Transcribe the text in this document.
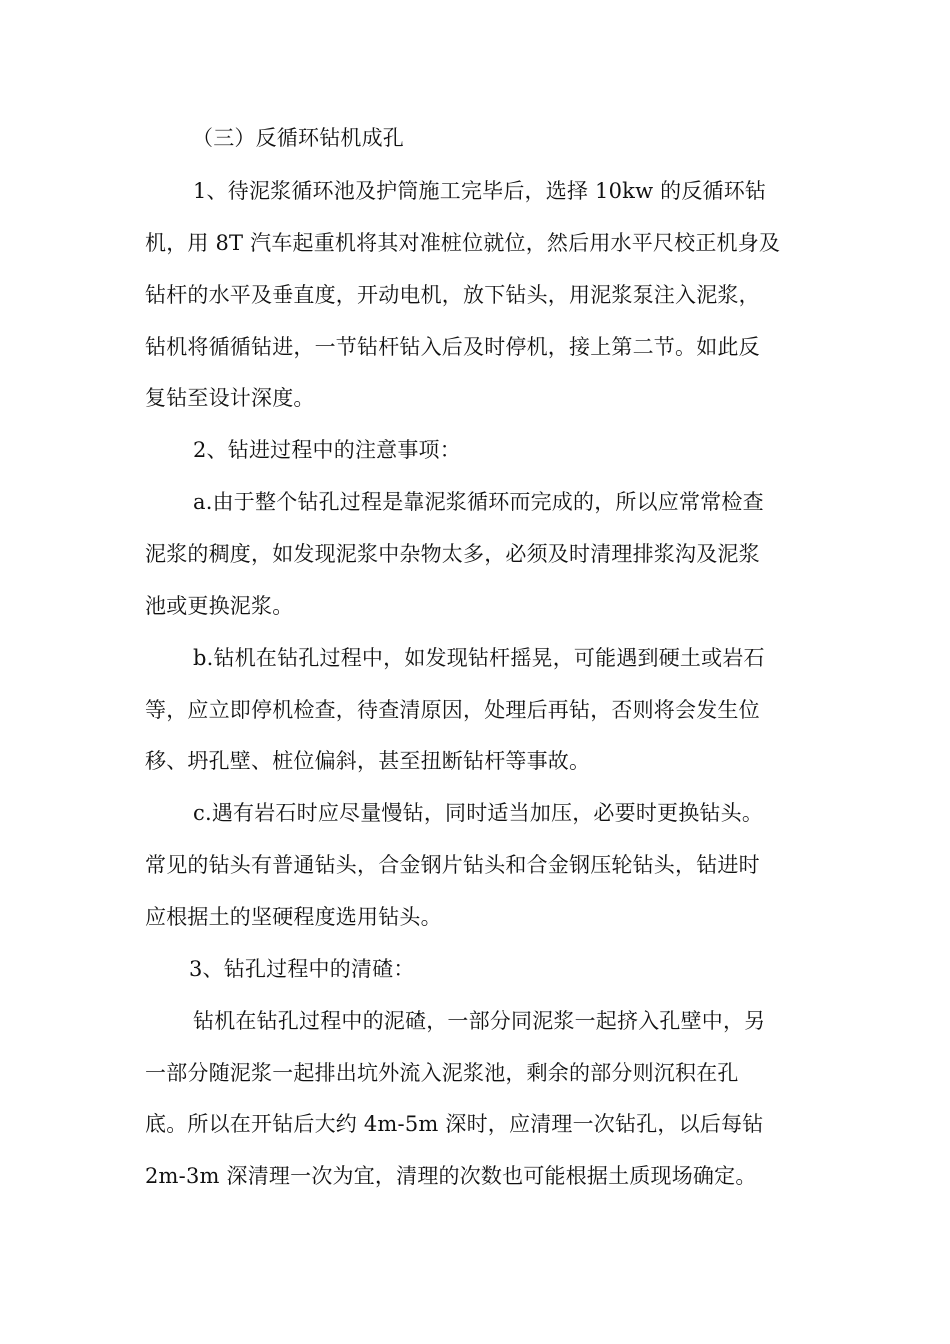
（三）反循环钻机成孔
1、待泥浆循环池及护筒施工完毕后，选择 10kw 的反循环钻
机，用 8T 汽车起重机将其对准桩位就位，然后用水平尺校正机身及
钻杆的水平及垂直度，开动电机，放下钻头，用泥浆泵注入泥浆，
钻机将循循钻进，一节钻杆钻入后及时停机，接上第二节。如此反
复钻至设计深度。
2、钻进过程中的注意事项：
a.由于整个钻孔过程是靠泥浆循环而完成的，所以应常常检查
泥浆的稠度，如发现泥浆中杂物太多，必须及时清理排浆沟及泥浆
池或更换泥浆。
b.钻机在钻孔过程中，如发现钻杆摇晃，可能遇到硬土或岩石
等，应立即停机检查，待查清原因，处理后再钻，否则将会发生位
移、坍孔壁、桩位偏斜，甚至扭断钻杆等事故。
c.遇有岩石时应尽量慢钻，同时适当加压，必要时更换钻头。
常见的钻头有普通钻头，合金钢片钻头和合金钢压轮钻头，钻进时
应根据土的坚硬程度选用钻头。
3、钻孔过程中的清碴：
钻机在钻孔过程中的泥碴，一部分同泥浆一起挤入孔壁中，另
一部分随泥浆一起排出坑外流入泥浆池，剩余的部分则沉积在孔
底。所以在开钻后大约 4m-5m 深时，应清理一次钻孔，以后每钻
2m-3m 深清理一次为宜，清理的次数也可能根据土质现场确定。
